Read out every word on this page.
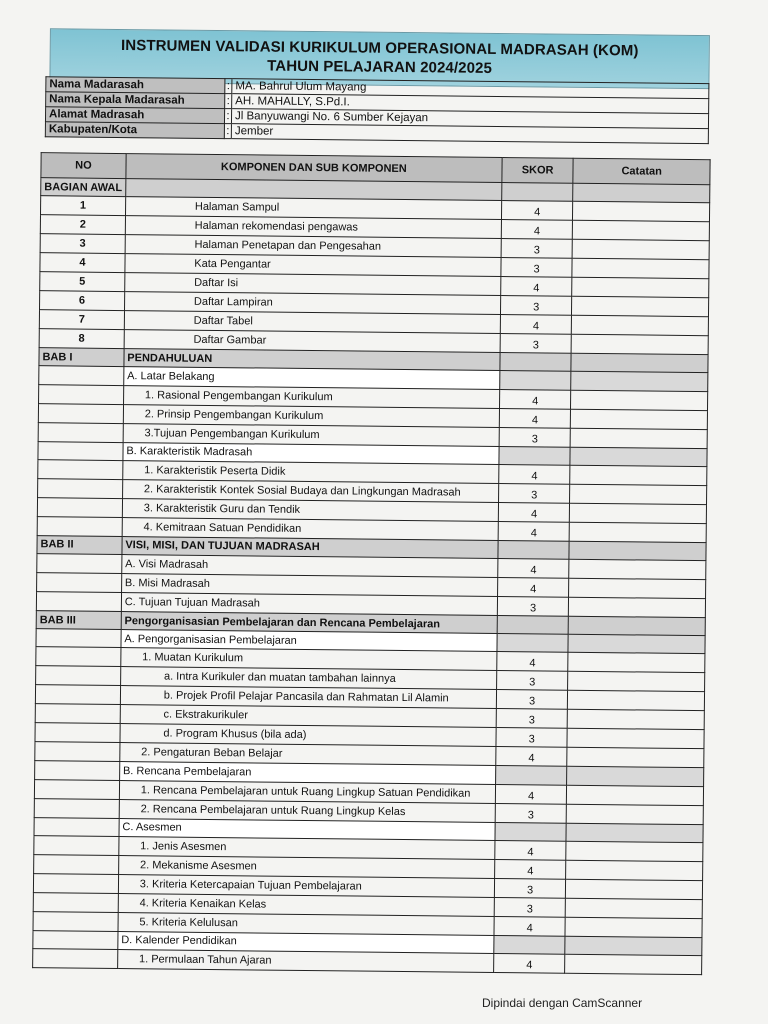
INSTRUMEN VALIDASI KURIKULUM OPERASIONAL MADRASAH (KOM)
TAHUN PELAJARAN 2024/2025
Nama Madarasah	:	MA. Bahrul Ulum Mayang
Nama Kepala Madarasah	:	AH. MAHALLY, S.Pd.I.
Alamat Madrasah	:	Jl Banyuwangi No. 6 Sumber Kejayan
Kabupaten/Kota	:	Jember
NO	KOMPONEN DAN SUB KOMPONEN	SKOR	Catatan
BAGIAN AWAL			
1	Halaman Sampul	4	
2	Halaman rekomendasi pengawas	4	
3	Halaman Penetapan dan Pengesahan	3	
4	Kata Pengantar	3	
5	Daftar Isi	4	
6	Daftar Lampiran	3	
7	Daftar Tabel	4	
8	Daftar Gambar	3	
BAB I	PENDAHULUAN		
	A. Latar Belakang		
	1. Rasional Pengembangan Kurikulum	4	
	2. Prinsip Pengembangan Kurikulum	4	
	3.Tujuan Pengembangan Kurikulum	3	
	B. Karakteristik Madrasah		
	1. Karakteristik Peserta Didik	4	
	2. Karakteristik Kontek Sosial Budaya dan Lingkungan Madrasah	3	
	3. Karakteristik Guru dan Tendik	4	
	4. Kemitraan Satuan Pendidikan	4	
BAB II	VISI, MISI, DAN TUJUAN MADRASAH		
	A. Visi Madrasah	4	
	B. Misi Madrasah	4	
	C. Tujuan Tujuan Madrasah	3	
BAB III	Pengorganisasian Pembelajaran dan Rencana Pembelajaran		
	A. Pengorganisasian Pembelajaran		
	1. Muatan Kurikulum	4	
	a. Intra Kurikuler dan muatan tambahan lainnya	3	
	b. Projek Profil Pelajar Pancasila dan Rahmatan Lil Alamin	3	
	c. Ekstrakurikuler	3	
	d. Program Khusus (bila ada)	3	
	2. Pengaturan Beban Belajar	4	
	B. Rencana Pembelajaran		
	1. Rencana Pembelajaran untuk Ruang Lingkup Satuan Pendidikan	4	
	2. Rencana Pembelajaran untuk Ruang Lingkup Kelas	3	
	C. Asesmen		
	1. Jenis Asesmen	4	
	2. Mekanisme Asesmen	4	
	3. Kriteria Ketercapaian Tujuan Pembelajaran	3	
	4. Kriteria Kenaikan Kelas	3	
	5. Kriteria Kelulusan	4	
	D. Kalender Pendidikan		
	1. Permulaan Tahun Ajaran	4	
Dipindai dengan CamScanner
